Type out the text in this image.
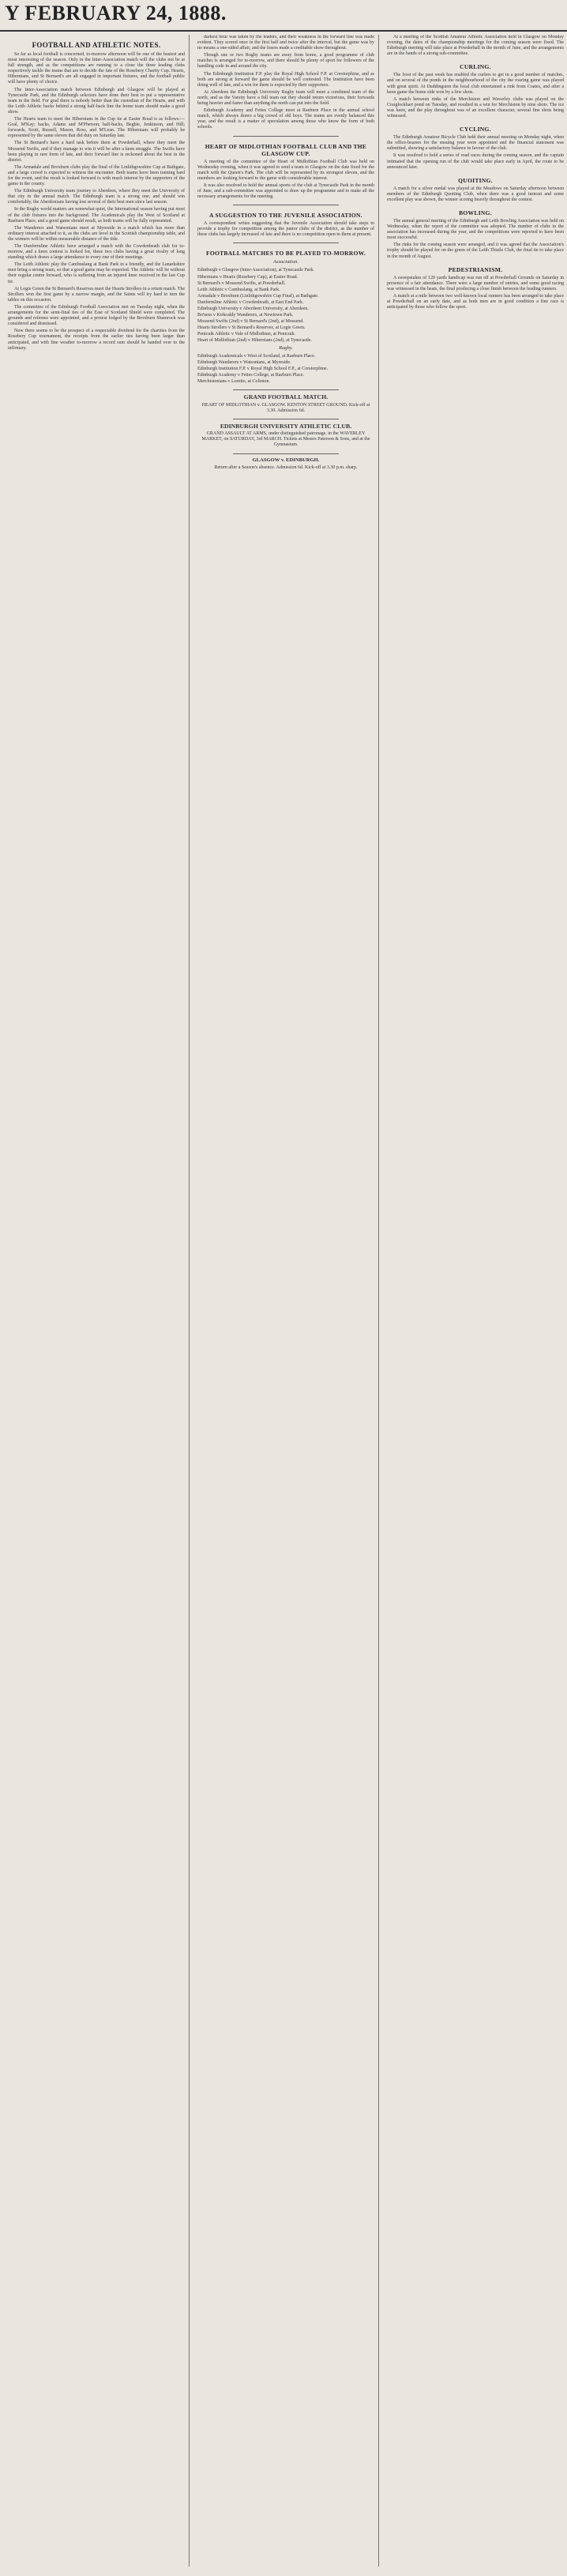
Y FEBRUARY 24, 1888.
FOOTBALL AND ATHLETIC NOTES.

So far as local football is concerned, to-morrow afternoon will be one of the busiest and most interesting of the season. Only in the Inter-Association match will the clubs not be at full strength, and as the competitions are running to a close the three leading clubs respectively tackle the teams that are to decide the fate of the Rosebery Charity Cup. Hearts, Hibernians, and St Bernard's are all engaged in important fixtures, and the football public will have plenty of choice.

The Inter-Association match between Edinburgh and Glasgow will be played at Tynecastle Park, and the Edinburgh selectors have done their best to put a representative team in the field. For goal there is nobody better than the custodian of the Hearts, and with the Leith Athletic backs behind a strong half-back line the home team should make a good show.

The Hearts team to meet the Hibernians in the Cup tie at Easter Road is as follows:— Goal, M'Kay; backs, Adams and M'Pherson; half-backs, Begbie, Jenkinson, and Hill; forwards, Scott, Russell, Mason, Ross, and M'Lean. The Hibernians will probably be represented by the same eleven that did duty on Saturday last.

The St Bernard's have a hard task before them at Powderhall, where they meet the Mossend Swifts, and if they manage to win it will be after a keen struggle. The Swifts have been playing in rare form of late, and their forward line is reckoned about the best in the district.

The Armadale and Broxburn clubs play the final of the Linlithgowshire Cup at Bathgate, and a large crowd is expected to witness the encounter. Both teams have been training hard for the event, and the result is looked forward to with much interest by the supporters of the game in the county.

The Edinburgh University team journey to Aberdeen, where they meet the University of that city in the annual match. The Edinburgh team is a strong one, and should win comfortably, the Aberdonians having lost several of their best men since last season.

In the Rugby world matters are somewhat quiet, the International season having put most of the club fixtures into the background. The Academicals play the West of Scotland at Raeburn Place, and a good game should result, as both teams will be fully represented.

The Wanderers and Watsonians meet at Myreside in a match which has more than ordinary interest attached to it, as the clubs are level in the Scottish championship table, and the winners will be within measurable distance of the title.

The Dunfermline Athletic have arranged a match with the Cowdenbeath club for to-morrow, and a keen contest is looked for, these two clubs having a great rivalry of long standing which draws a large attendance to every one of their meetings.

The Leith Athletic play the Cambuslang at Bank Park in a friendly, and the Lanarkshire men bring a strong team, so that a good game may be expected. The Athletic will be without their regular centre forward, who is suffering from an injured knee received in the last Cup tie.

At Logie Green the St Bernard's Reserves meet the Hearts Strollers in a return match. The Strollers won the first game by a narrow margin, and the Saints will try hard to turn the tables on this occasion.

The committee of the Edinburgh Football Association met on Tuesday night, when the arrangements for the semi-final ties of the East of Scotland Shield were completed. The grounds and referees were appointed, and a protest lodged by the Broxburn Shamrock was considered and dismissed.

Now there seems to be the prospect of a respectable dividend for the charities from the Rosebery Cup tournament, the receipts from the earlier ties having been larger than anticipated, and with fine weather to-morrow a record sum should be handed over to the infirmary.

darkest hour was taken by the leaders, and their weakness in the forward line was made evident. They scored once in the first half and twice after the interval, but the game was by no means a one-sided affair, and the losers made a creditable show throughout.

Though one or two Rugby teams are away from home, a good programme of club matches is arranged for to-morrow, and there should be plenty of sport for followers of the handling code in and around the city.

The Edinburgh Institution F.P. play the Royal High School F.P. at Corstorphine, and as both are strong at forward the game should be well contested. The Institution have been doing well of late, and a win for them is expected by their supporters.

At Aberdeen the Edinburgh University Rugby team will meet a combined team of the north, and as the Varsity have a full team out they should return victorious, their forwards being heavier and faster than anything the north can put into the field.

Edinburgh Academy and Fettes College meet at Raeburn Place in the annual school match, which always draws a big crowd of old boys. The teams are evenly balanced this year, and the result is a matter of speculation among those who know the form of both schools.

HEART OF MIDLOTHIAN FOOTBALL CLUB AND THE GLASGOW CUP.

A meeting of the committee of the Heart of Midlothian Football Club was held on Wednesday evening, when it was agreed to send a team to Glasgow on the date fixed for the match with the Queen's Park. The club will be represented by its strongest eleven, and the members are looking forward to the game with considerable interest.

It was also resolved to hold the annual sports of the club at Tynecastle Park in the month of June, and a sub-committee was appointed to draw up the programme and to make all the necessary arrangements for the meeting.

A SUGGESTION TO THE JUVENILE ASSOCIATION.

A correspondent writes suggesting that the Juvenile Association should take steps to provide a trophy for competition among the junior clubs of the district, as the number of these clubs has largely increased of late and there is no competition open to them at present.

FOOTBALL MATCHES TO BE PLAYED TO-MORROW.
Association.
Edinburgh v Glasgow (Inter-Association), at Tynecastle Park.
Hibernians v Hearts (Rosebery Cup), at Easter Road.
St Bernard's v Mossend Swifts, at Powderhall.
Leith Athletic v Cambuslang, at Bank Park.
Armadale v Broxburn (Linlithgowshire Cup Final), at Bathgate.
Dunfermline Athletic v Cowdenbeath, at East End Park.
Edinburgh University v Aberdeen University, at Aberdeen.
Bo'ness v Kirkcaldy Wanderers, at Newtown Park.
Mossend Swifts (2nd) v St Bernard's (2nd), at Mossend.
Hearts Strollers v St Bernard's Reserves, at Logie Green.
Penicuik Athletic v Vale of Midlothian, at Penicuik.
Heart of Midlothian (2nd) v Hibernians (2nd), at Tynecastle.
Rugby.
Edinburgh Academicals v West of Scotland, at Raeburn Place.
Edinburgh Wanderers v Watsonians, at Myreside.
Edinburgh Institution F.P. v Royal High School F.P., at Corstorphine.
Edinburgh Academy v Fettes College, at Raeburn Place.
Merchistonians v Loretto, at Colinton.
GRAND FOOTBALL MATCH.
HEART OF MIDLOTHIAN v. GLASGOW. KENTON STREET GROUND. Kick-off at 3.30. Admission 6d.
EDINBURGH UNIVERSITY ATHLETIC CLUB.
GRAND ASSAULT AT ARMS, under distinguished patronage, in the WAVERLEY MARKET, on SATURDAY, 3rd MARCH. Tickets at Messrs Paterson & Sons, and at the Gymnasium.
GLASGOW v. EDINBURGH.
Return after a Season's absence. Admission 6d. Kick-off at 3.30 p.m. sharp.

At a meeting of the Scottish Amateur Athletic Association held in Glasgow on Monday evening, the dates of the championship meetings for the coming season were fixed. The Edinburgh meeting will take place at Powderhall in the month of June, and the arrangements are in the hands of a strong sub-committee.

CURLING.

The frost of the past week has enabled the curlers to get in a good number of matches, and on several of the ponds in the neighbourhood of the city the roaring game was played with great spirit. At Duddingston the local club entertained a rink from Coates, and after a keen game the home side won by a few shots.

A match between rinks of the Merchiston and Waverley clubs was played on the Craiglockhart pond on Tuesday, and resulted in a win for Merchiston by nine shots. The ice was keen, and the play throughout was of an excellent character, several fine shots being witnessed.

CYCLING.

The Edinburgh Amateur Bicycle Club held their annual meeting on Monday night, when the office-bearers for the ensuing year were appointed and the financial statement was submitted, showing a satisfactory balance in favour of the club.

It was resolved to hold a series of road races during the coming season, and the captain intimated that the opening run of the club would take place early in April, the route to be announced later.

QUOITING.

A match for a silver medal was played at the Meadows on Saturday afternoon between members of the Edinburgh Quoiting Club, when there was a good turnout and some excellent play was shown, the winner scoring heavily throughout the contest.

BOWLING.

The annual general meeting of the Edinburgh and Leith Bowling Association was held on Wednesday, when the report of the committee was adopted. The number of clubs in the association has increased during the year, and the competitions were reported to have been most successful.

The rinks for the coming season were arranged, and it was agreed that the Association's trophy should be played for on the green of the Leith Thistle Club, the final tie to take place in the month of August.

PEDESTRIANISM.

A sweepstakes of 120 yards handicap was run off at Powderhall Grounds on Saturday in presence of a fair attendance. There were a large number of entries, and some good racing was witnessed in the heats, the final producing a close finish between the leading runners.

A match at a mile between two well-known local runners has been arranged to take place at Powderhall on an early date, and as both men are in good condition a fine race is anticipated by those who follow the sport.
